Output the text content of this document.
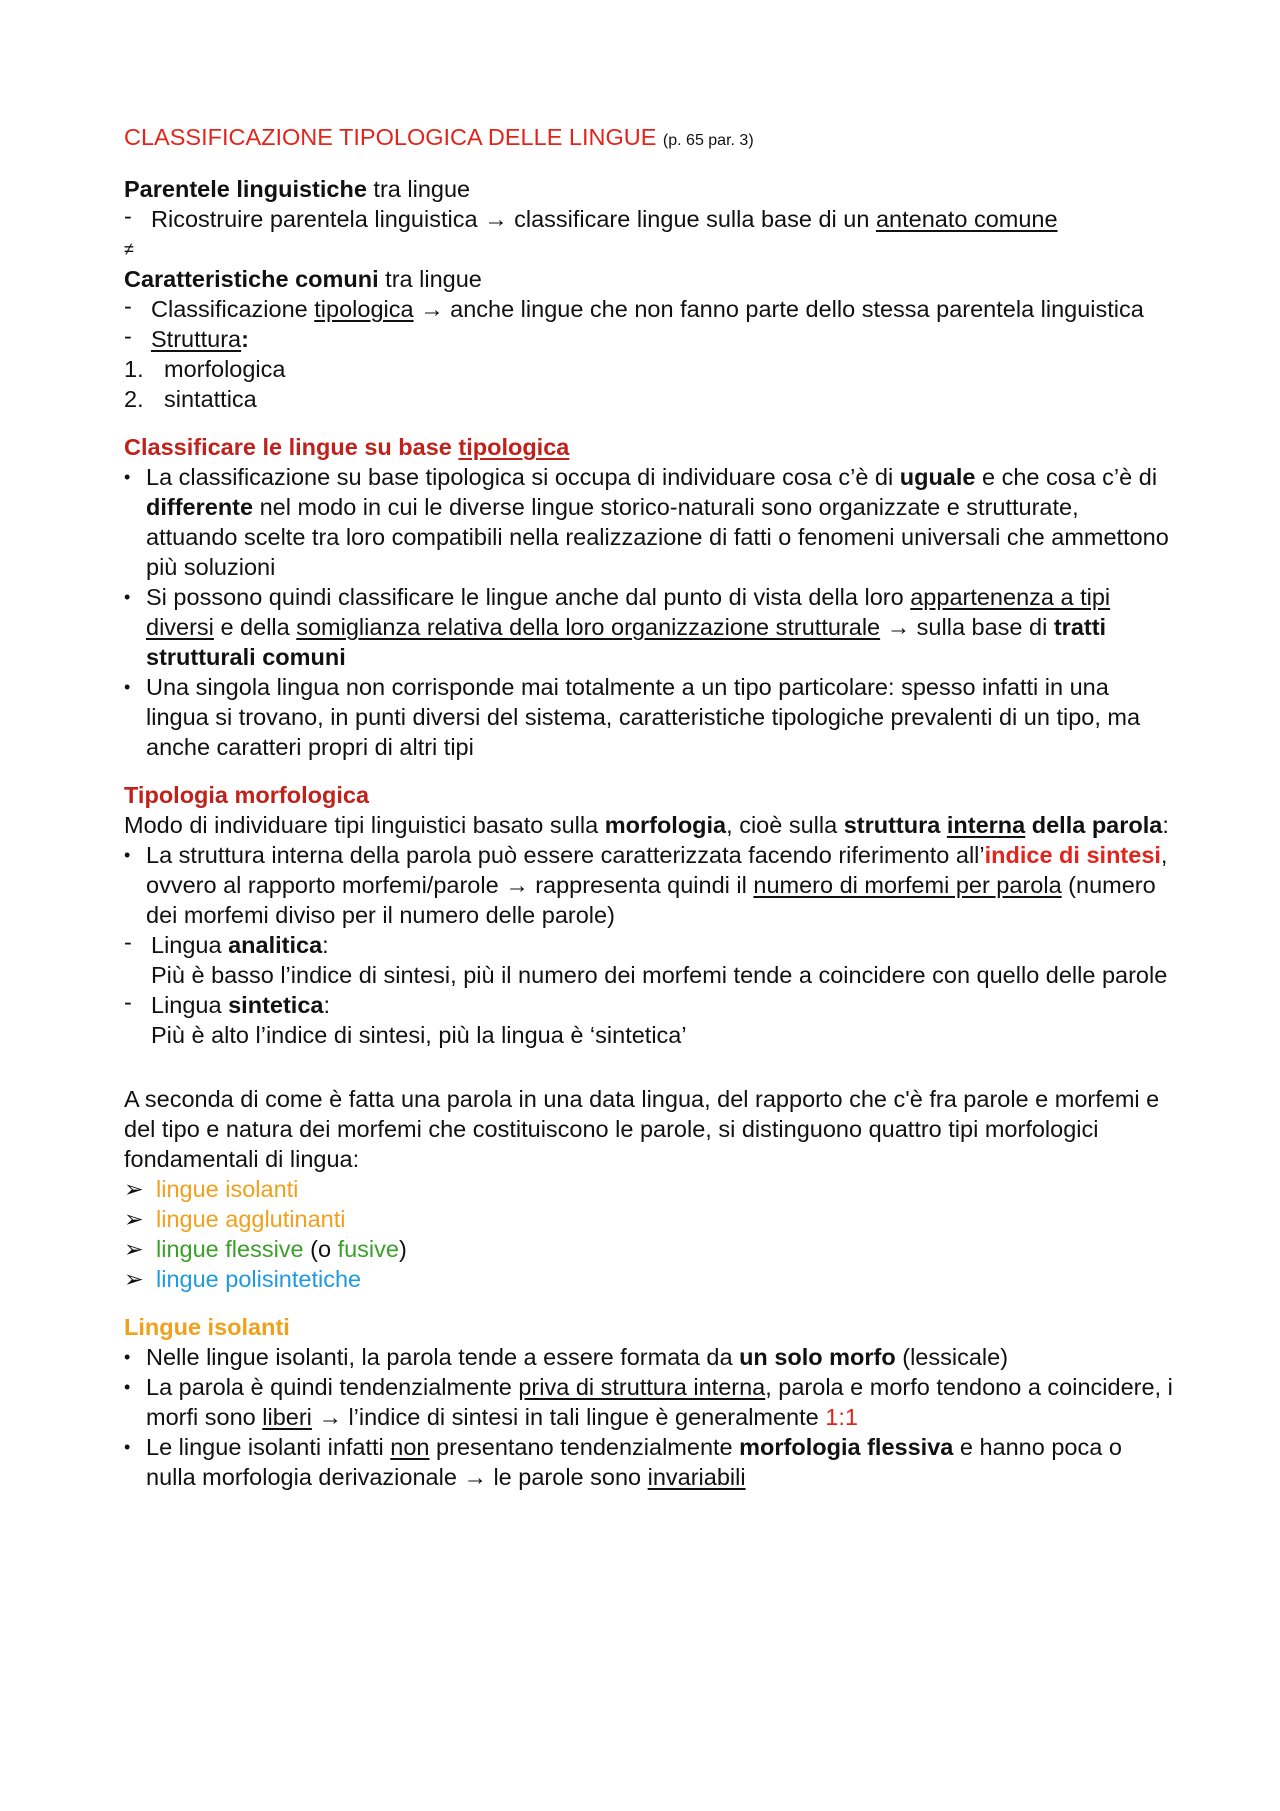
CLASSIFICAZIONE TIPOLOGICA DELLE LINGUE (p. 65 par. 3)

Parentele linguistiche tra lingue

- Ricostruire parentela linguistica → classificare lingue sulla base di un antenato comune

≠

Caratteristiche comuni tra lingue

- Classificazione tipologica → anche lingue che non fanno parte dello stessa parentela linguistica

- Struttura:

1. morfologica

2. sintattica

Classificare le lingue su base tipologica

• La classificazione su base tipologica si occupa di individuare cosa c’è di uguale e che cosa c’è di differente nel modo in cui le diverse lingue storico-naturali sono organizzate e strutturate, attuando scelte tra loro compatibili nella realizzazione di fatti o fenomeni universali che ammettono più soluzioni

• Si possono quindi classificare le lingue anche dal punto di vista della loro appartenenza a tipi diversi e della somiglianza relativa della loro organizzazione strutturale → sulla base di tratti strutturali comuni

• Una singola lingua non corrisponde mai totalmente a un tipo particolare: spesso infatti in una lingua si trovano, in punti diversi del sistema, caratteristiche tipologiche prevalenti di un tipo, ma anche caratteri propri di altri tipi

Tipologia morfologica

Modo di individuare tipi linguistici basato sulla morfologia, cioè sulla struttura interna della parola:

• La struttura interna della parola può essere caratterizzata facendo riferimento all’indice di sintesi, ovvero al rapporto morfemi/parole → rappresenta quindi il numero di morfemi per parola (numero dei morfemi diviso per il numero delle parole)

- Lingua analitica:

Più è basso l’indice di sintesi, più il numero dei morfemi tende a coincidere con quello delle parole

- Lingua sintetica:

Più è alto l’indice di sintesi, più la lingua è ‘sintetica’

A seconda di come è fatta una parola in una data lingua, del rapporto che c'è fra parole e morfemi e del tipo e natura dei morfemi che costituiscono le parole, si distinguono quattro tipi morfologici fondamentali di lingua:

➢ lingue isolanti

➢ lingue agglutinanti

➢ lingue flessive (o fusive)

➢ lingue polisintetiche

Lingue isolanti

• Nelle lingue isolanti, la parola tende a essere formata da un solo morfo (lessicale)

• La parola è quindi tendenzialmente priva di struttura interna, parola e morfo tendono a coincidere, i morfi sono liberi → l’indice di sintesi in tali lingue è generalmente 1:1

• Le lingue isolanti infatti non presentano tendenzialmente morfologia flessiva e hanno poca o nulla morfologia derivazionale → le parole sono invariabili
